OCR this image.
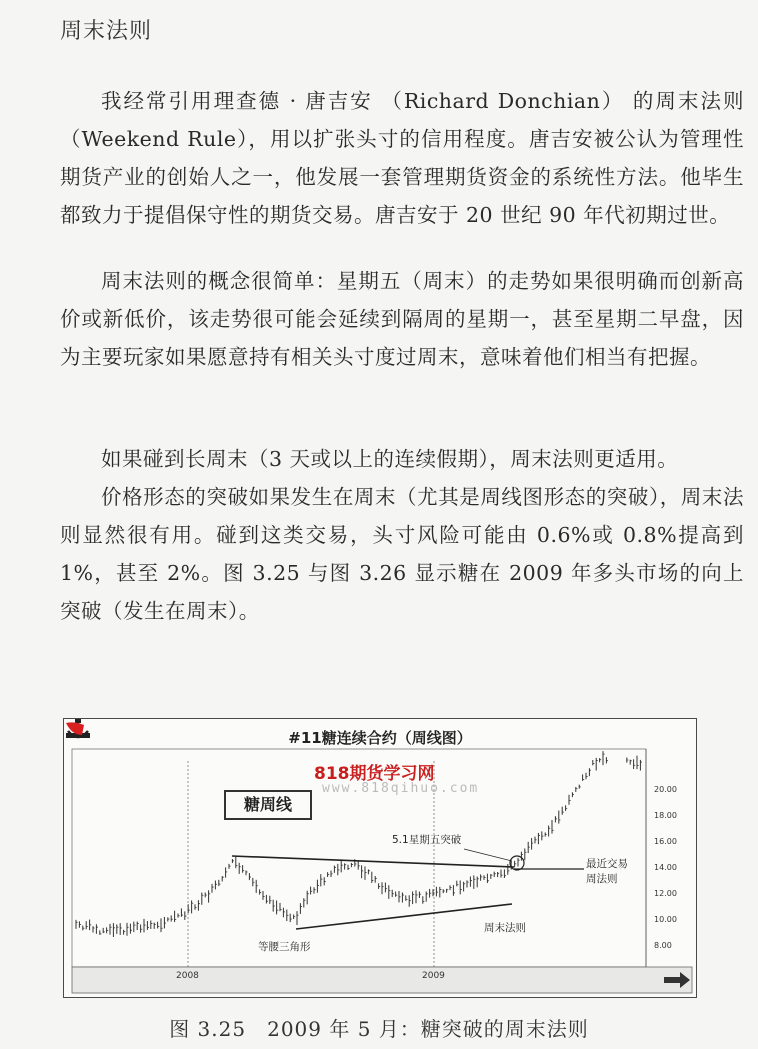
周末法则

我经常引用理查德 · 唐吉安 （Richard Donchian） 的周末法则（Weekend Rule），用以扩张头寸的信用程度。唐吉安被公认为管理性期货产业的创始人之一，他发展一套管理期货资金的系统性方法。他毕生都致力于提倡保守性的期货交易。唐吉安于 20 世纪 90 年代初期过世。

周末法则的概念很简单：星期五（周末）的走势如果很明确而创新高价或新低价，该走势很可能会延续到隔周的星期一，甚至星期二早盘，因为主要玩家如果愿意持有相关头寸度过周末，意味着他们相当有把握。

如果碰到长周末（3 天或以上的连续假期），周末法则更适用。

价格形态的突破如果发生在周末（尤其是周线图形态的突破），周末法则显然很有用。碰到这类交易，头寸风险可能由 0.6%或 0.8%提高到 1%，甚至 2%。图 3.25 与图 3.26 显示糖在 2009 年多头市场的向上突破（发生在周末）。

#11糖连续合约（周线图）
818期货学习网
www.818qihuo.com
糖周线
5.1星期五突破
最近交易
周法则
周末法则
等腰三角形
20.00
18.00
16.00
14.00
12.00
10.00
8.00
2008	2009
图 3.25　2009 年 5 月：糖突破的周末法则
